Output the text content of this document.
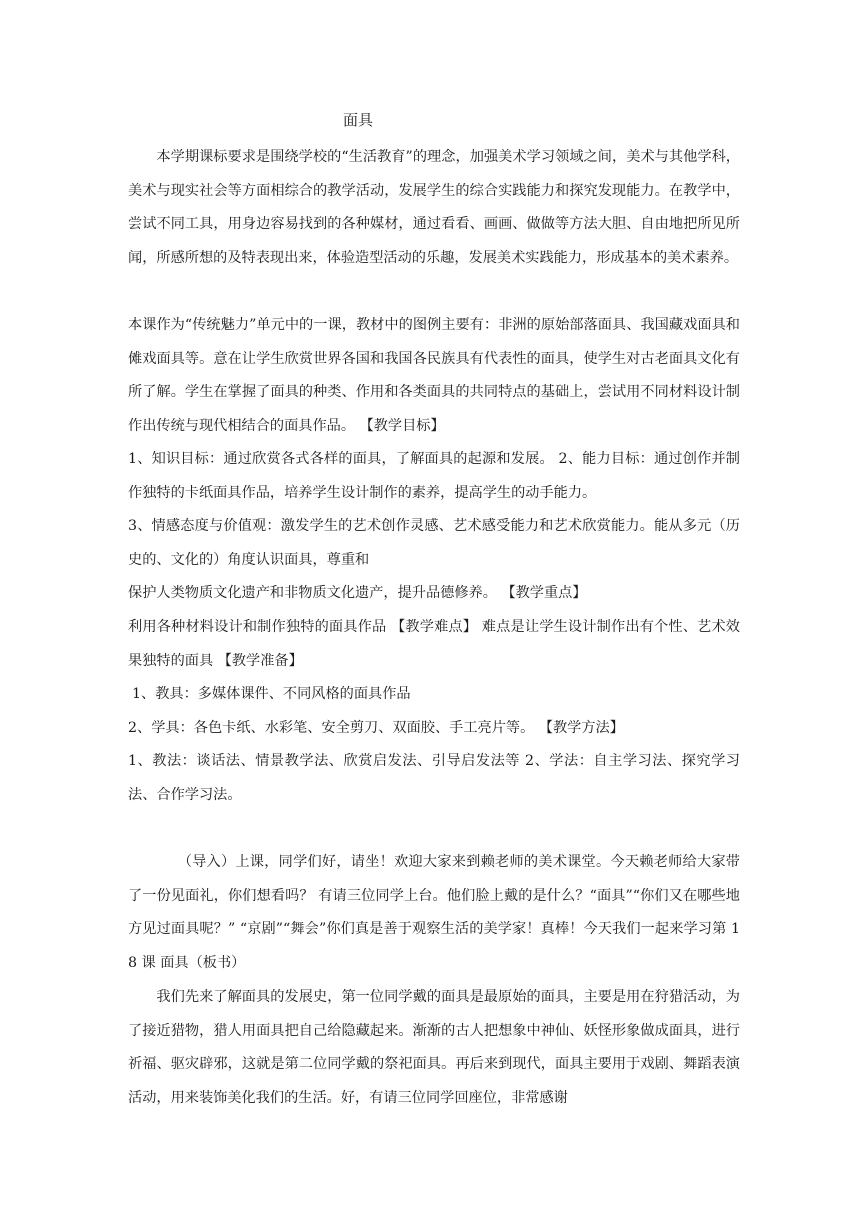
面具

本学期课标要求是围绕学校的“生活教育”的理念，加强美术学习领域之间，美术与其他学科，美术与现实社会等方面相综合的教学活动，发展学生的综合实践能力和探究发现能力。在教学中，尝试不同工具，用身边容易找到的各种媒材，通过看看、画画、做做等方法大胆、自由地把所见所闻，所感所想的及特表现出来，体验造型活动的乐趣，发展美术实践能力，形成基本的美术素养。

本课作为“传统魅力”单元中的一课，教材中的图例主要有：非洲的原始部落面具、我国藏戏面具和傩戏面具等。意在让学生欣赏世界各国和我国各民族具有代表性的面具，使学生对古老面具文化有所了解。学生在掌握了面具的种类、作用和各类面具的共同特点的基础上，尝试用不同材料设计制作出传统与现代相结合的面具作品。 【教学目标】

1、知识目标：通过欣赏各式各样的面具，了解面具的起源和发展。 2、能力目标：通过创作并制作独特的卡纸面具作品，培养学生设计制作的素养，提高学生的动手能力。

3、情感态度与价值观：激发学生的艺术创作灵感、艺术感受能力和艺术欣赏能力。能从多元（历史的、文化的）角度认识面具，尊重和

保护人类物质文化遗产和非物质文化遗产，提升品德修养。 【教学重点】

利用各种材料设计和制作独特的面具作品 【教学难点】 难点是让学生设计制作出有个性、艺术效果独特的面具 【教学准备】

1、教具：多媒体课件、不同风格的面具作品
2、学具：各色卡纸、水彩笔、安全剪刀、双面胶、手工亮片等。 【教学方法】

1、教法：谈话法、情景教学法、欣赏启发法、引导启发法等 2、学法：自主学习法、探究学习法、合作学习法。

（导入）上课，同学们好，请坐！欢迎大家来到赖老师的美术课堂。今天赖老师给大家带了一份见面礼，你们想看吗？ 有请三位同学上台。他们脸上戴的是什么？“面具”“你们又在哪些地方见过面具呢？” “京剧”“舞会”你们真是善于观察生活的美学家！真棒！今天我们一起来学习第 18 课 面具（板书）

我们先来了解面具的发展史，第一位同学戴的面具是最原始的面具，主要是用在狩猎活动，为了接近猎物，猎人用面具把自己给隐藏起来。渐渐的古人把想象中神仙、妖怪形象做成面具，进行祈福、驱灾辟邪，这就是第二位同学戴的祭祀面具。再后来到现代，面具主要用于戏剧、舞蹈表演活动，用来装饰美化我们的生活。好，有请三位同学回座位，非常感谢
